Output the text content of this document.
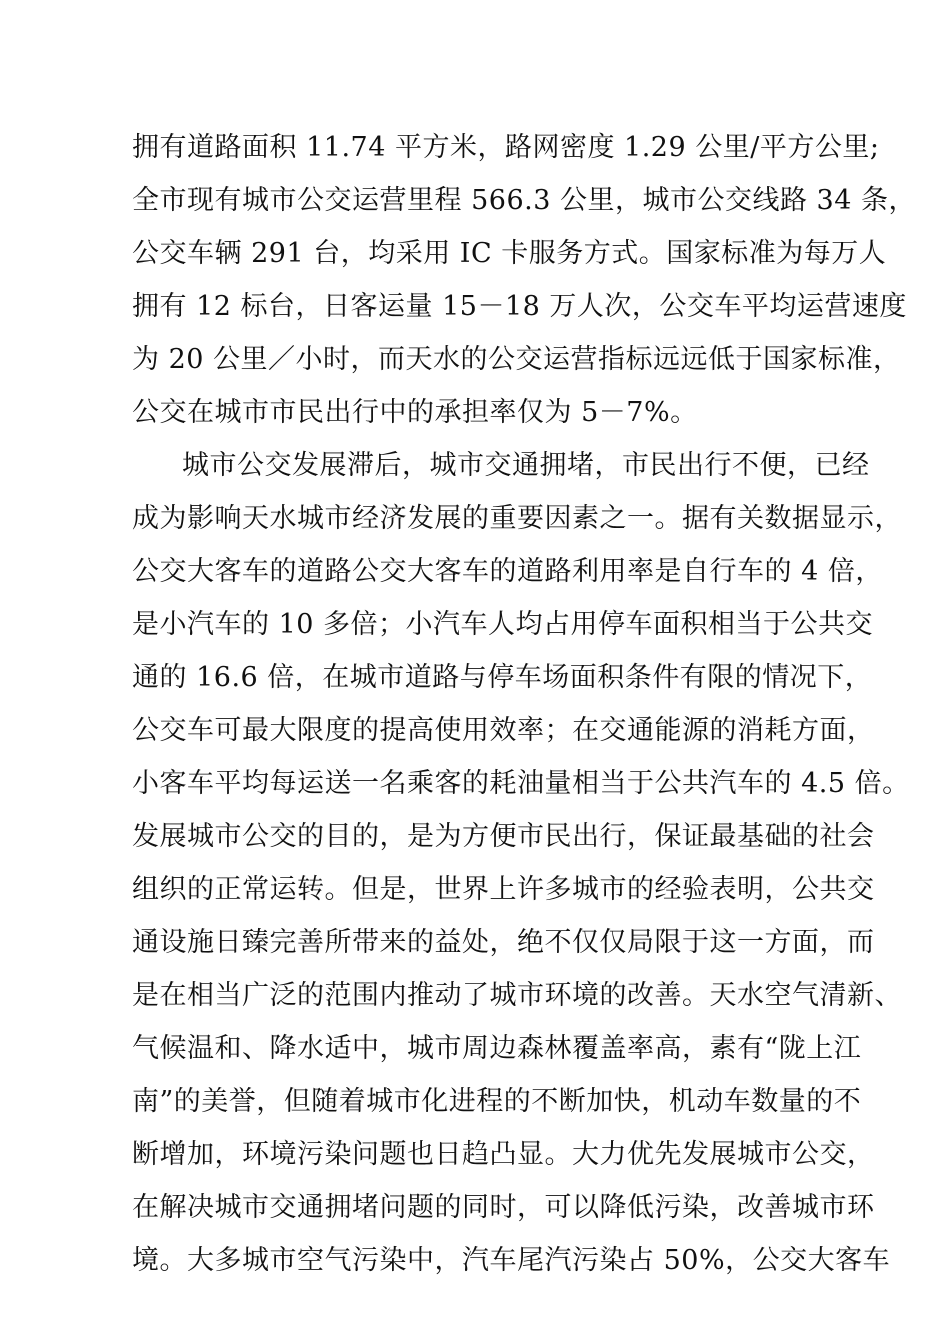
拥有道路面积 11.74 平方米，路网密度 1.29 公里/平方公里;
全市现有城市公交运营里程 566.3 公里，城市公交线路 34 条，
公交车辆 291 台，均采用 IC 卡服务方式。国家标准为每万人
拥有 12 标台，日客运量 15－18 万人次，公交车平均运营速度
为 20 公里／小时，而天水的公交运营指标远远低于国家标准，
公交在城市市民出行中的承担率仅为 5－7%。
城市公交发展滞后，城市交通拥堵，市民出行不便，已经
成为影响天水城市经济发展的重要因素之一。据有关数据显示，
公交大客车的道路公交大客车的道路利用率是自行车的 4 倍，
是小汽车的 10 多倍；小汽车人均占用停车面积相当于公共交
通的 16.6 倍，在城市道路与停车场面积条件有限的情况下，
公交车可最大限度的提高使用效率；在交通能源的消耗方面，
小客车平均每运送一名乘客的耗油量相当于公共汽车的 4.5 倍。
发展城市公交的目的，是为方便市民出行，保证最基础的社会
组织的正常运转。但是，世界上许多城市的经验表明，公共交
通设施日臻完善所带来的益处，绝不仅仅局限于这一方面，而
是在相当广泛的范围内推动了城市环境的改善。天水空气清新、
气候温和、降水适中，城市周边森林覆盖率高，素有“陇上江
南”的美誉，但随着城市化进程的不断加快，机动车数量的不
断增加，环境污染问题也日趋凸显。大力优先发展城市公交，
在解决城市交通拥堵问题的同时，可以降低污染，改善城市环
境。大多城市空气污染中，汽车尾汽污染占 50%，公交大客车
